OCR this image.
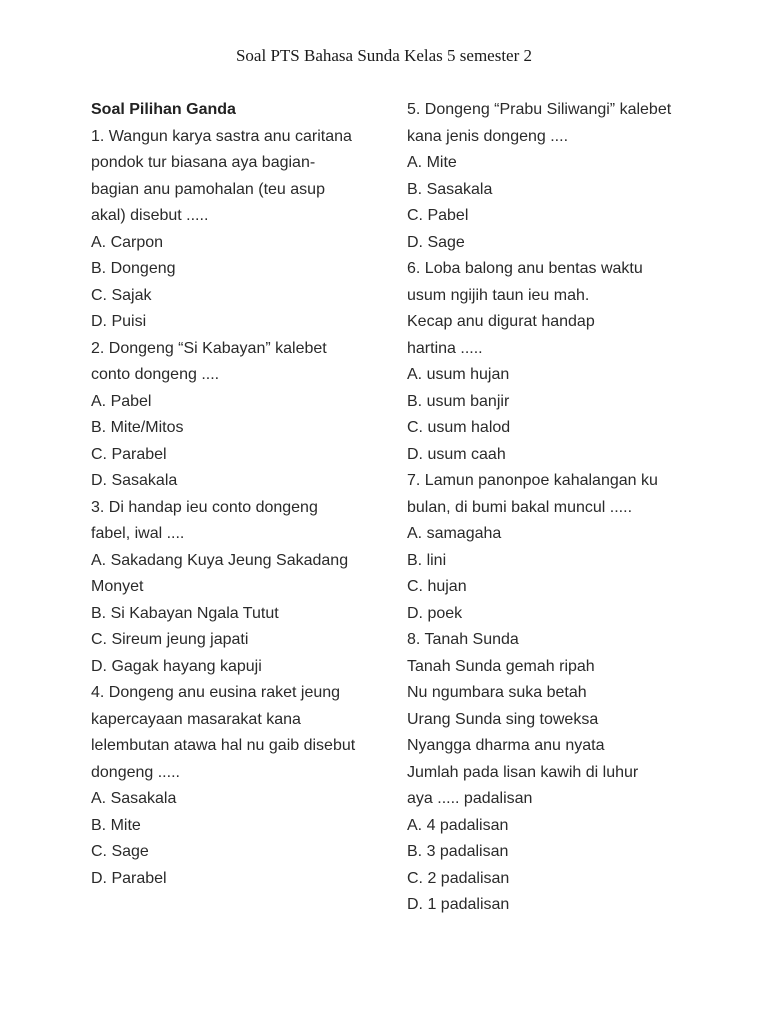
Soal PTS Bahasa Sunda Kelas 5 semester 2
Soal Pilihan Ganda
1. Wangun karya sastra anu caritana
pondok tur biasana aya bagian-
bagian anu pamohalan (teu asup
akal) disebut .....
A. Carpon
B. Dongeng
C. Sajak
D. Puisi
2. Dongeng “Si Kabayan” kalebet
conto dongeng ....
A. Pabel
B. Mite/Mitos
C. Parabel
D. Sasakala
3. Di handap ieu conto dongeng
fabel, iwal ....
A. Sakadang Kuya Jeung Sakadang
Monyet
B. Si Kabayan Ngala Tutut
C. Sireum jeung japati
D. Gagak hayang kapuji
4. Dongeng anu eusina raket jeung
kapercayaan masarakat kana
lelembutan atawa hal nu gaib disebut
dongeng .....
A. Sasakala
B. Mite
C. Sage
D. Parabel
5. Dongeng “Prabu Siliwangi” kalebet
kana jenis dongeng ....
A. Mite
B. Sasakala
C. Pabel
D. Sage
6. Loba balong anu bentas waktu
usum ngijih taun ieu mah.
Kecap anu digurat handap
hartina .....
A. usum hujan
B. usum banjir
C. usum halod
D. usum caah
7. Lamun panonpoe kahalangan ku
bulan, di bumi bakal muncul .....
A. samagaha
B. lini
C. hujan
D. poek
8. Tanah Sunda
Tanah Sunda gemah ripah
Nu ngumbara suka betah
Urang Sunda sing toweksa
Nyangga dharma anu nyata
Jumlah pada lisan kawih di luhur
aya ..... padalisan
A. 4 padalisan
B. 3 padalisan
C. 2 padalisan
D. 1 padalisan
